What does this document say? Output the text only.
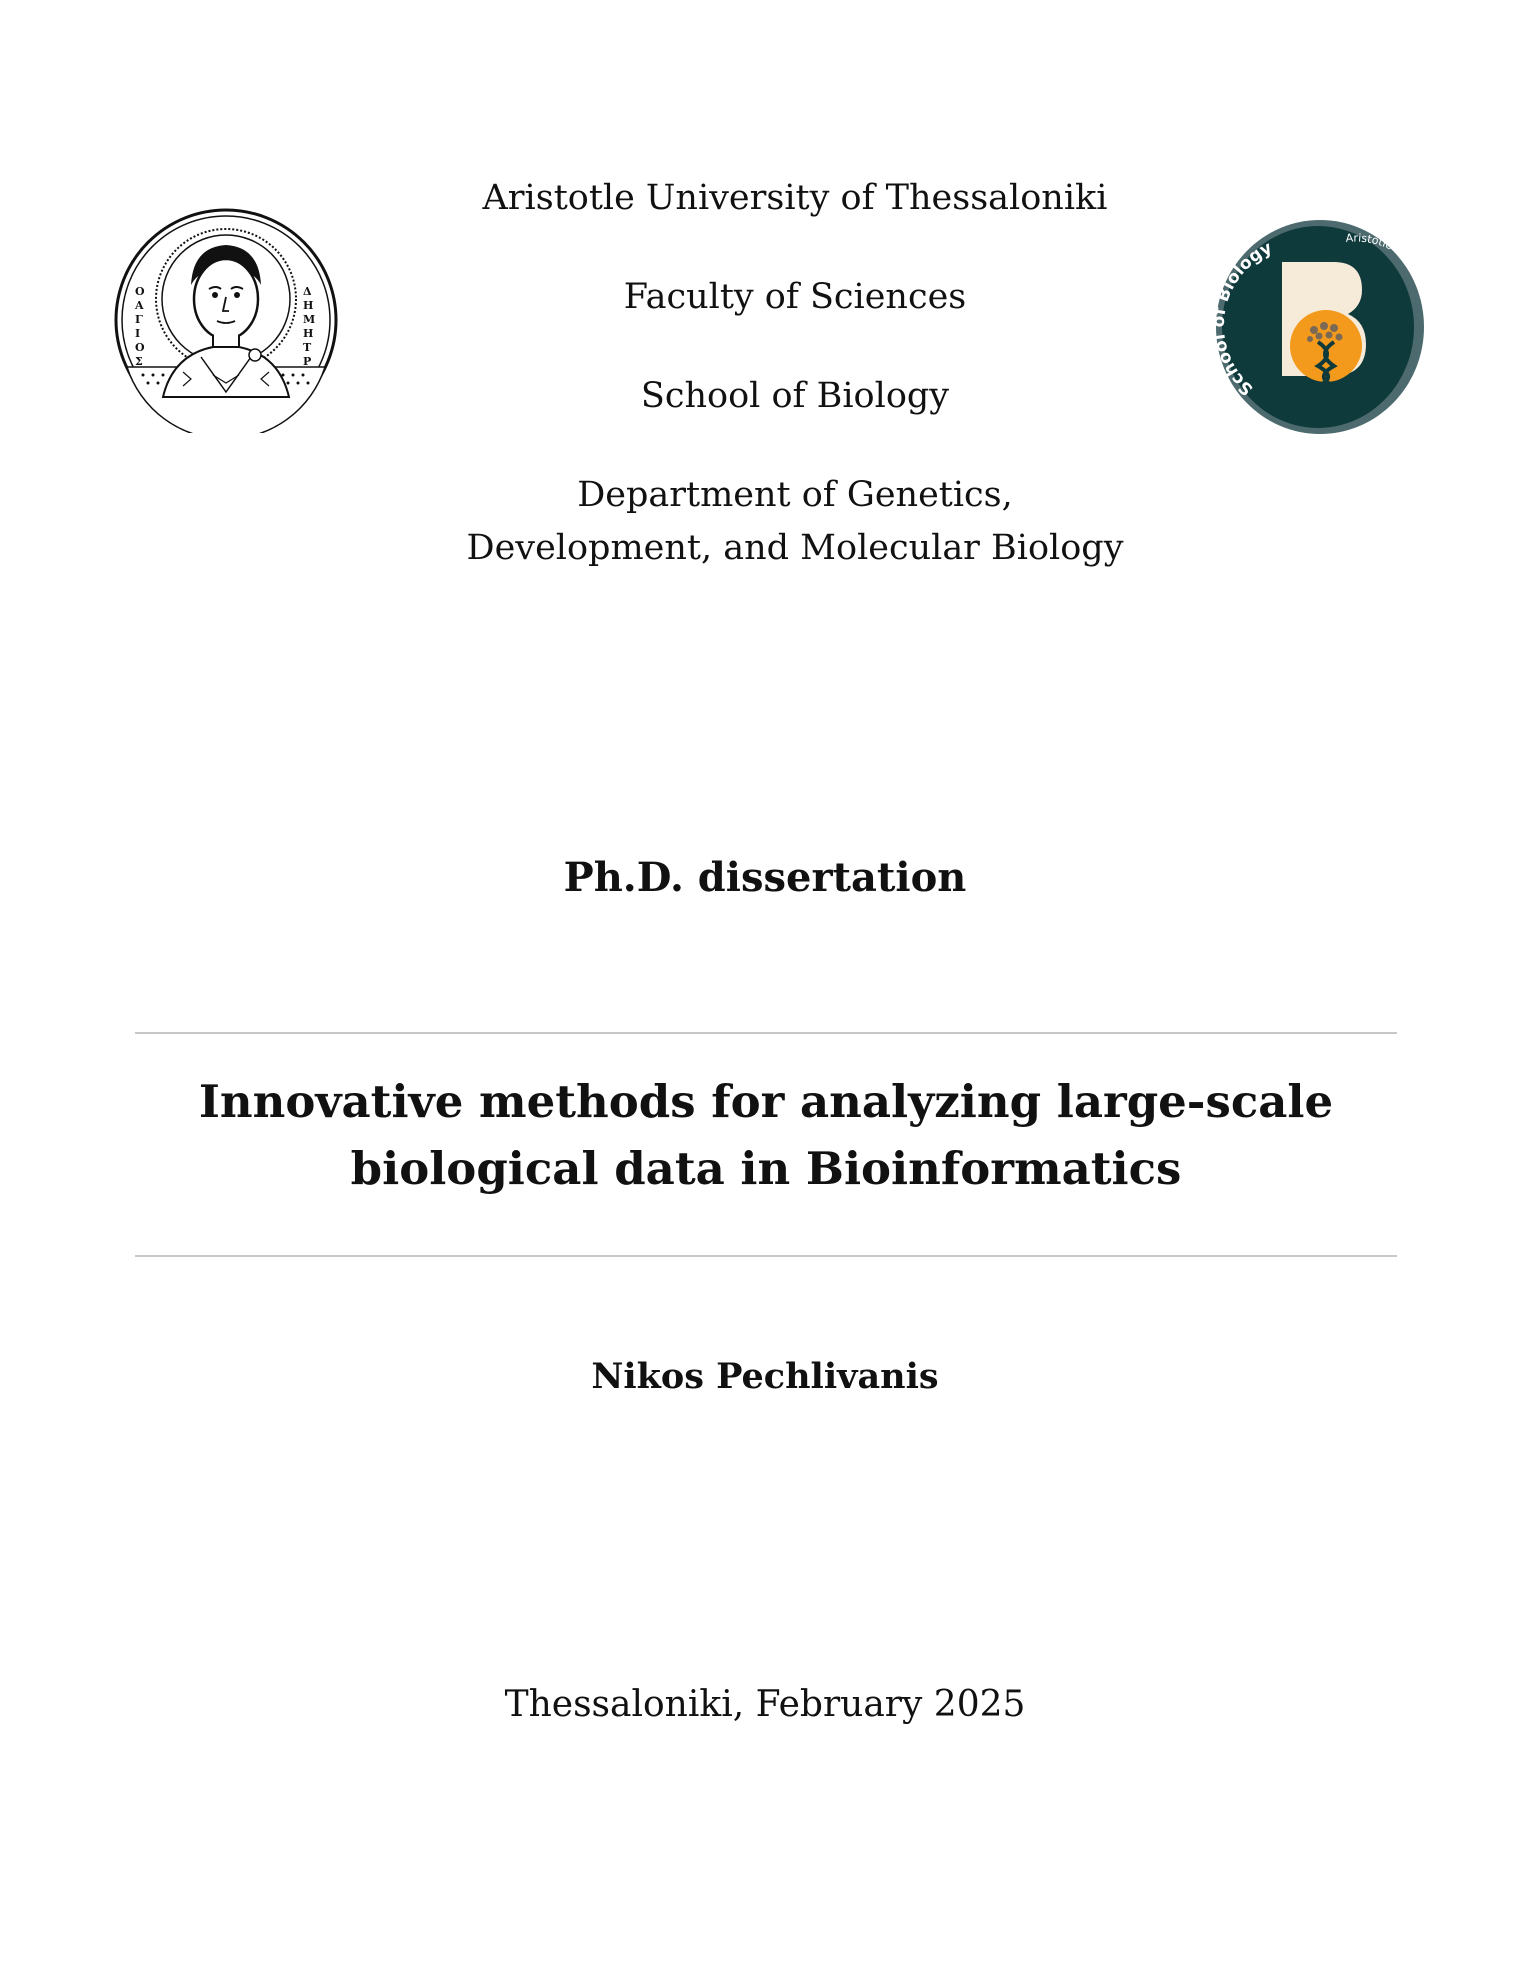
Ο
Α
Γ
Ι
Ο
Σ
Δ
Η
Μ
Η
Τ
Ρ
Aristotle University of Thessaloniki
Faculty of Sciences
School of Biology
Department of Genetics,
Development, and Molecular Biology
Scho Biology	Aristotle Unive
Ph.D. dissertation
Innovative methods for analyzing large-scale biological data in Bioinformatics
Nikos Pechlivanis
Thessaloniki, February 2025
